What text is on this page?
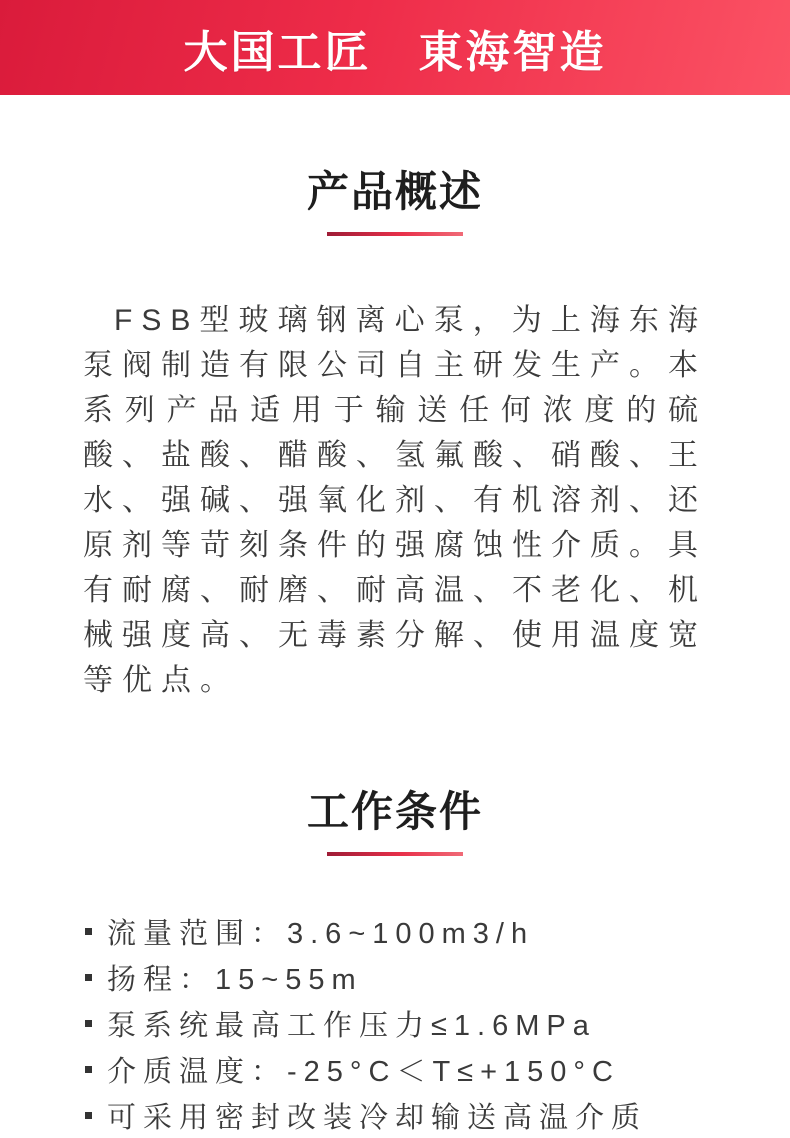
大国工匠　東海智造
产品概述

FSB型玻璃钢离心泵，为上海东海泵阀制造有限公司自主研发生产。本系列产品适用于输送任何浓度的硫酸、盐酸、醋酸、氢氟酸、硝酸、王水、强碱、强氧化剂、有机溶剂、还原剂等苛刻条件的强腐蚀性介质。具有耐腐、耐磨、耐高温、不老化、机械强度高、无毒素分解、使用温度宽等优点。

工作条件
流量范围：3.6~100m3/h
扬程：15~55m
泵系统最高工作压力≤1.6MPa
介质温度：-25°C＜T≤+150°C
可采用密封改装冷却输送高温介质
